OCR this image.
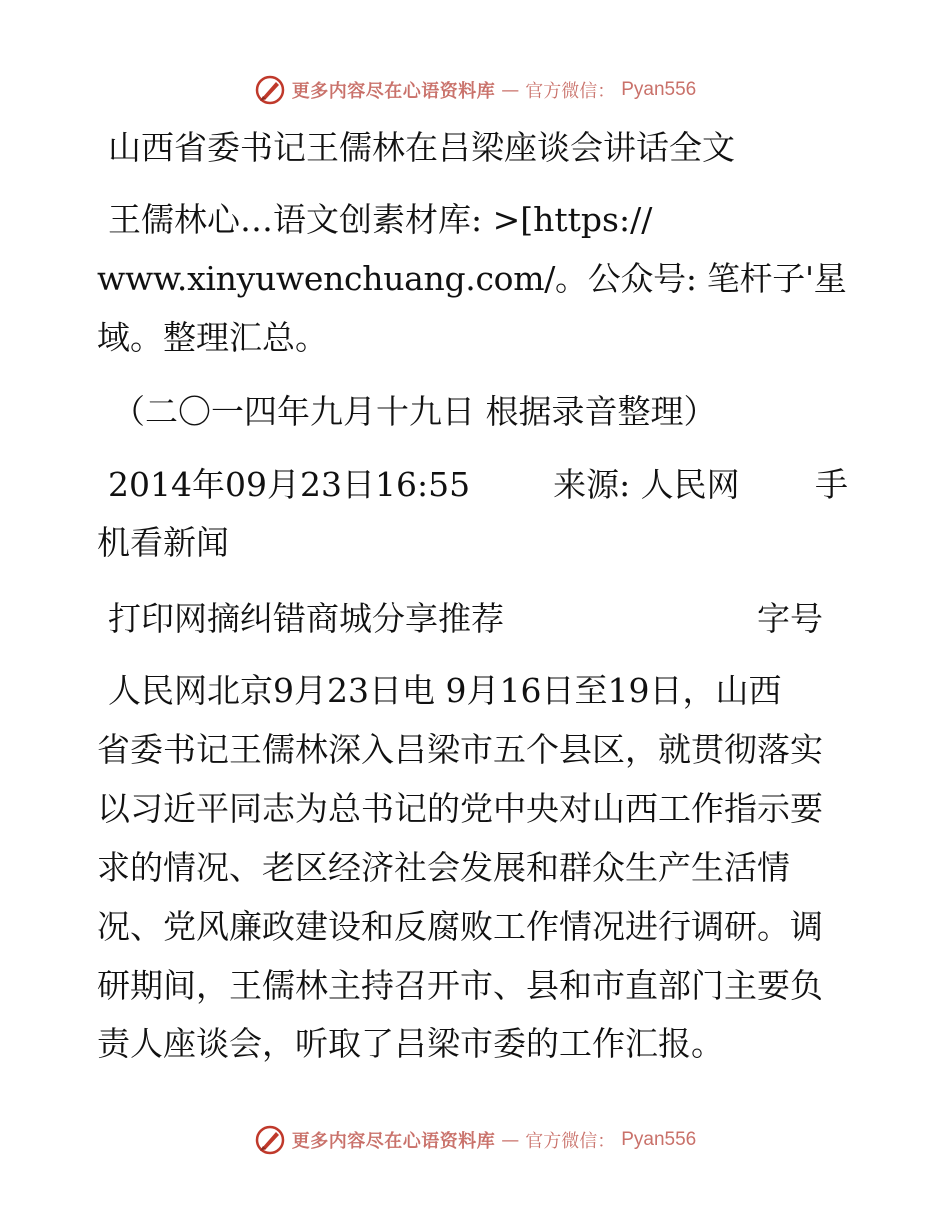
更多内容尽在心语资料库 — 官方微信： Pyan556
山西省委书记王儒林在吕梁座谈会讲话全文
王儒林心…语文创素材库: >[https://
www.xinyuwenchuang.com/。公众号: 笔杆子'星
域。整理汇总。
（二〇一四年九月十九日 根据录音整理）
2014年09月23日16:55	来源: 人民网 手
机看新闻
打印网摘纠错商城分享推荐	字号
人民网北京9月23日电 9月16日至19日，山西
省委书记王儒林深入吕梁市五个县区，就贯彻落实
以习近平同志为总书记的党中央对山西工作指示要
求的情况、老区经济社会发展和群众生产生活情
况、党风廉政建设和反腐败工作情况进行调研。调
研期间，王儒林主持召开市、县和市直部门主要负
责人座谈会，听取了吕梁市委的工作汇报。
更多内容尽在心语资料库 — 官方微信： Pyan556
